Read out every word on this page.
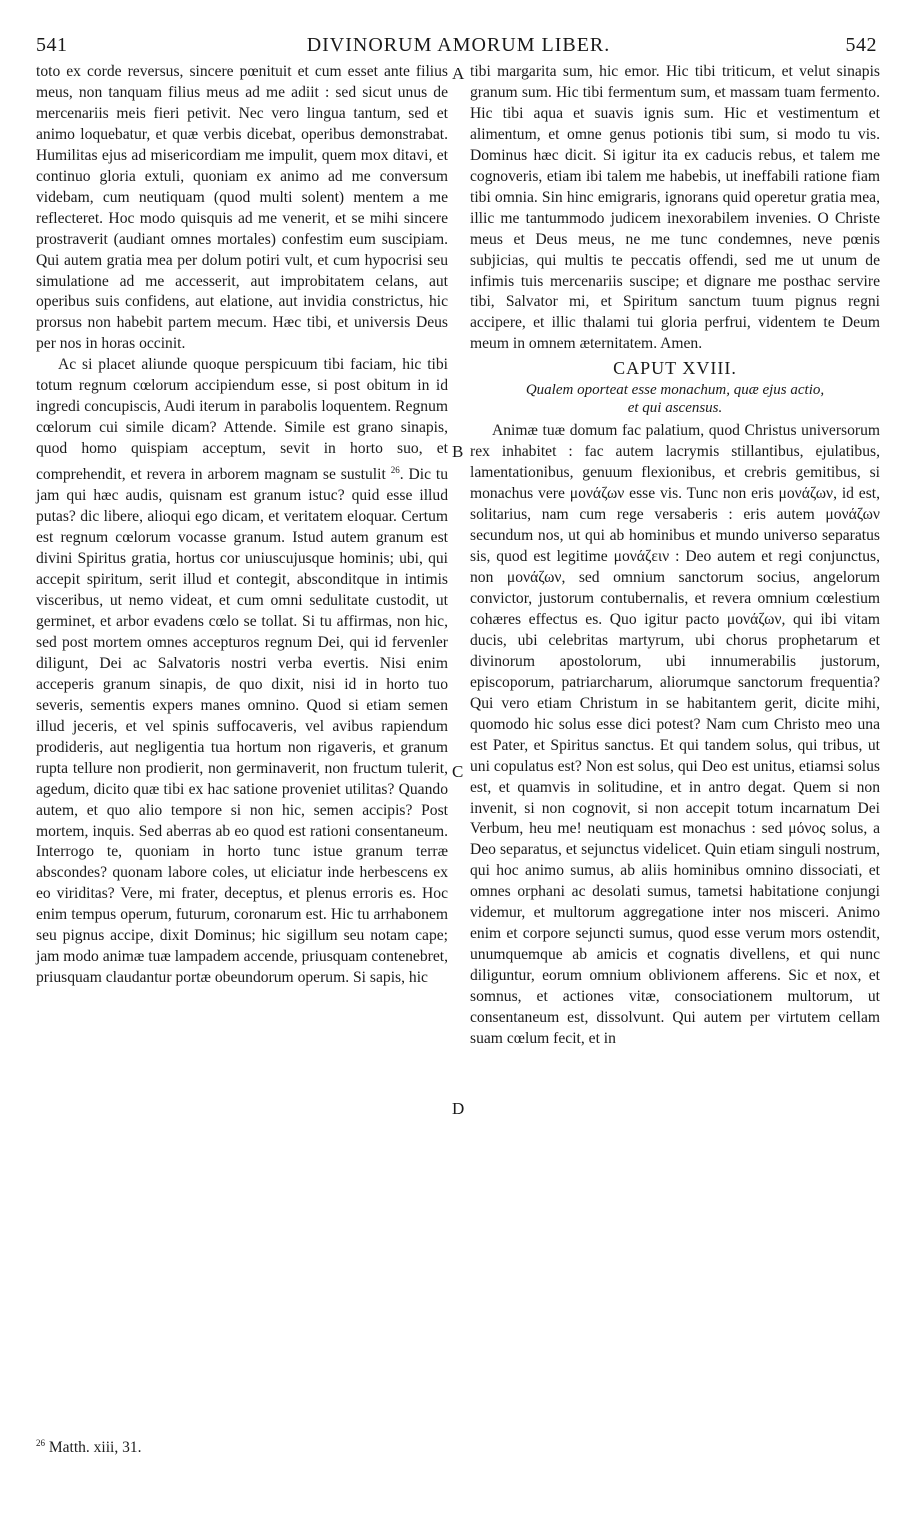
541	DIVINORUM AMORUM LIBER.	542

toto ex corde reversus, sincere pœnituit et cum esset ante filius meus, non tanquam filius meus ad me adiit : sed sicut unus de mercenariis meis fieri petivit. Nec vero lingua tantum, sed et animo loquebatur, et quæ verbis dicebat, operibus demonstrabat. Humilitas ejus ad misericordiam me impulit, quem mox ditavi, et continuo gloria extuli, quoniam ex animo ad me conversum videbam, cum neutiquam (quod multi solent) mentem a me reflecteret. Hoc modo quisquis ad me venerit, et se mihi sincere prostraverit (audiant omnes mortales) confestim eum suscipiam. Qui autem gratia mea per dolum potiri vult, et cum hypocrisi seu simulatione ad me accesserit, aut improbitatem celans, aut operibus suis confidens, aut elatione, aut invidia constrictus, hic prorsus non habebit partem mecum. Hæc tibi, et universis Deus per nos in horas occinit.

Ac si placet aliunde quoque perspicuum tibi faciam, hic tibi totum regnum cœlorum accipiendum esse, si post obitum in id ingredi concupiscis, Audi iterum in parabolis loquentem. Regnum cœlorum cui simile dicam? Attende. Simile est grano sinapis, quod homo quispiam acceptum, sevit in horto suo, et comprehendit, et revera in arborem magnam se sustulit $^{26}$. Dic tu jam qui hæc audis, quisnam est granum istuc? quid esse illud putas? dic libere, alioqui ego dicam, et veritatem eloquar. Certum est regnum cœlorum vocasse granum. Istud autem granum est divini Spiritus gratia, hortus cor uniuscujusque hominis; ubi, qui accepit spiritum, serit illud et contegit, absconditque in intimis visceribus, ut nemo videat, et cum omni sedulitate custodit, ut germinet, et arbor evadens cœlo se tollat. Si tu affirmas, non hic, sed post mortem omnes accepturos regnum Dei, qui id fervenler diligunt, Dei ac Salvatoris nostri verba evertis. Nisi enim acceperis granum sinapis, de quo dixit, nisi id in horto tuo severis, sementis expers manes omnino. Quod si etiam semen illud jeceris, et vel spinis suffocaveris, vel avibus rapiendum prodideris, aut negligentia tua hortum non rigaveris, et granum rupta tellure non prodierit, non germinaverit, non fructum tulerit, agedum, dicito quæ tibi ex hac satione proveniet utilitas? Quando autem, et quo alio tempore si non hic, semen accipis? Post mortem, inquis. Sed aberras ab eo quod est rationi consentaneum. Interrogo te, quoniam in horto tunc istue granum terræ abscondes? quonam labore coles, ut eliciatur inde herbescens ex eo viriditas? Vere, mi frater, deceptus, et plenus erroris es. Hoc enim tempus operum, futurum, coronarum est. Hic tu arrhabonem seu pignus accipe, dixit Dominus; hic sigillum seu notam cape; jam modo animæ tuæ lampadem accende, priusquam contenebret, priusquam claudantur portæ obeundorum operum. Si sapis, hic

A
B
C
D

tibi margarita sum, hic emor. Hic tibi triticum, et velut sinapis granum sum. Hic tibi fermentum sum, et massam tuam fermento. Hic tibi aqua et suavis ignis sum. Hic et vestimentum et alimentum, et omne genus potionis tibi sum, si modo tu vis. Dominus hæc dicit. Si igitur ita ex caducis rebus, et talem me cognoveris, etiam ibi talem me habebis, ut ineffabili ratione fiam tibi omnia. Sin hinc emigraris, ignorans quid operetur gratia mea, illic me tantummodo judicem inexorabilem invenies. O Christe meus et Deus meus, ne me tunc condemnes, neve pœnis subjicias, qui multis te peccatis offendi, sed me ut unum de infimis tuis mercenariis suscipe; et dignare me posthac servire tibi, Salvator mi, et Spiritum sanctum tuum pignus regni accipere, et illic thalami tui gloria perfrui, videntem te Deum meum in omnem æternitatem. Amen.

CAPUT XVIII.
Qualem oporteat esse monachum, quæ ejus actio,
et qui ascensus.

Animæ tuæ domum fac palatium, quod Christus universorum rex inhabitet : fac autem lacrymis stillantibus, ejulatibus, lamentationibus, genuum flexionibus, et crebris gemitibus, si monachus vere μονάζων esse vis. Tunc non eris μονάζων, id est, solitarius, nam cum rege versaberis : eris autem μονάζων secundum nos, ut qui ab hominibus et mundo universo separatus sis, quod est legitime μονάζειν : Deo autem et regi conjunctus, non μονάζων, sed omnium sanctorum socius, angelorum convictor, justorum contubernalis, et revera omnium cœlestium cohæres effectus es. Quo igitur pacto μονάζων, qui ibi vitam ducis, ubi celebritas martyrum, ubi chorus prophetarum et divinorum apostolorum, ubi innumerabilis justorum, episcoporum, patriarcharum, aliorumque sanctorum frequentia? Qui vero etiam Christum in se habitantem gerit, dicite mihi, quomodo hic solus esse dici potest? Nam cum Christo meo una est Pater, et Spiritus sanctus. Et qui tandem solus, qui tribus, ut uni copulatus est? Non est solus, qui Deo est unitus, etiamsi solus est, et quamvis in solitudine, et in antro degat. Quem si non invenit, si non cognovit, si non accepit totum incarnatum Dei Verbum, heu me! neutiquam est monachus : sed μόνος solus, a Deo separatus, et sejunctus videlicet. Quin etiam singuli nostrum, qui hoc animo sumus, ab aliis hominibus omnino dissociati, et omnes orphani ac desolati sumus, tametsi habitatione conjungi videmur, et multorum aggregatione inter nos misceri. Animo enim et corpore sejuncti sumus, quod esse verum mors ostendit, unumquemque ab amicis et cognatis divellens, et qui nunc diliguntur, eorum omnium oblivionem afferens. Sic et nox, et somnus, et actiones vitæ, consociationem multorum, ut consentaneum est, dissolvunt. Qui autem per virtutem cellam suam cœlum fecit, et in

$^{26}$ Matth. xiii, 31.
